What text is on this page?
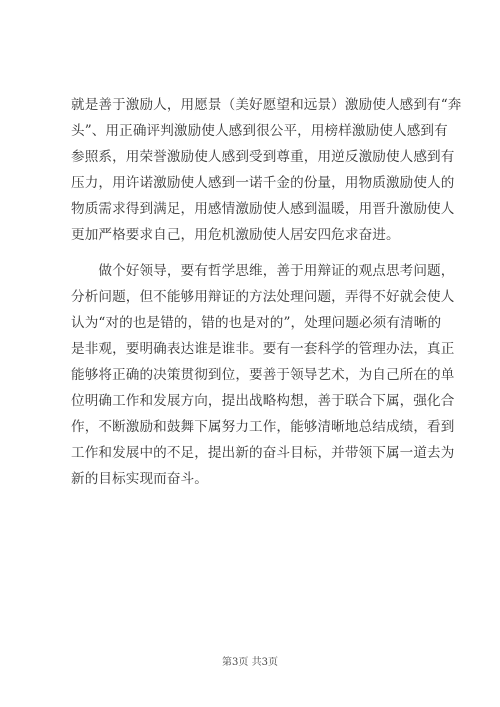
就是善于激励人，用愿景（美好愿望和远景）激励使人感到有“奔
头”、用正确评判激励使人感到很公平，用榜样激励使人感到有
参照系，用荣誉激励使人感到受到尊重，用逆反激励使人感到有
压力，用许诺激励使人感到一诺千金的份量，用物质激励使人的
物质需求得到满足，用感情激励使人感到温暖，用晋升激励使人
更加严格要求自己，用危机激励使人居安四危求奋进。
　　做个好领导，要有哲学思维，善于用辩证的观点思考问题，
分析问题，但不能够用辩证的方法处理问题，弄得不好就会使人
认为“对的也是错的，错的也是对的”，处理问题必须有清晰的
是非观，要明确表达谁是谁非。要有一套科学的管理办法，真正
能够将正确的决策贯彻到位，要善于领导艺术，为自己所在的单
位明确工作和发展方向，提出战略构想，善于联合下属，强化合
作，不断激励和鼓舞下属努力工作，能够清晰地总结成绩，看到
工作和发展中的不足，提出新的奋斗目标，并带领下属一道去为
新的目标实现而奋斗。
第3页 共3页
